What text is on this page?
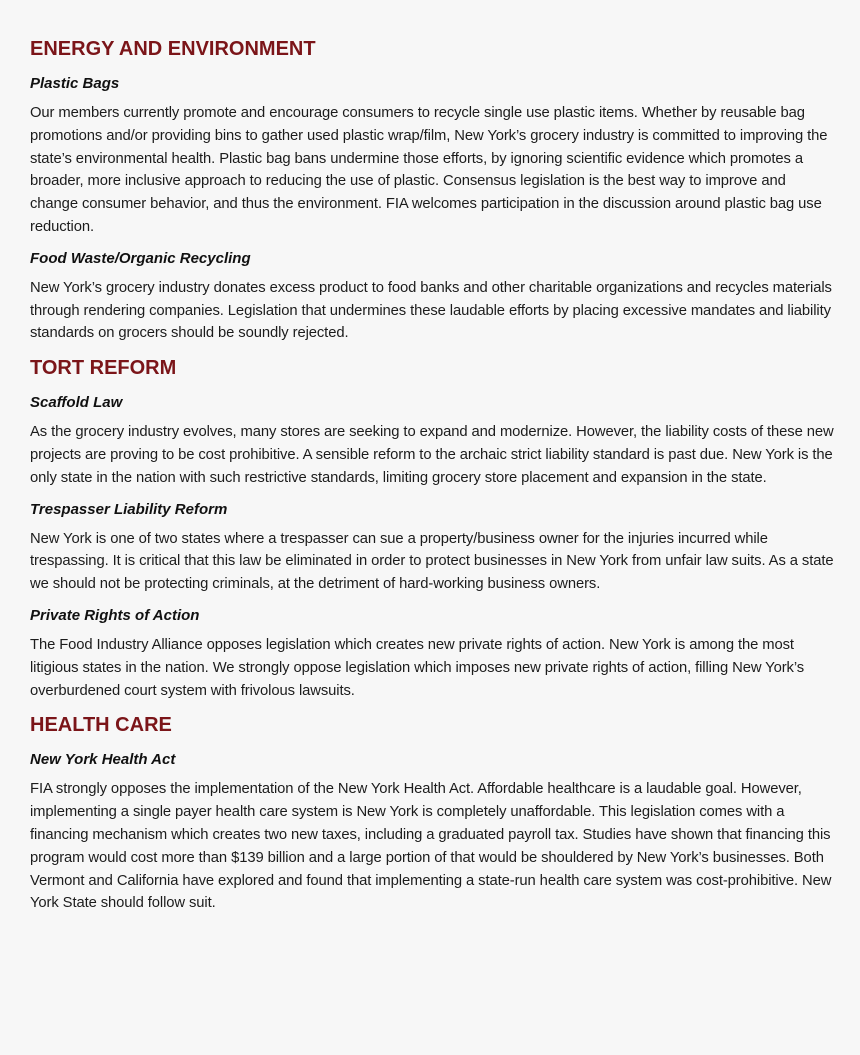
ENERGY AND ENVIRONMENT
Plastic Bags

Our members currently promote and encourage consumers to recycle single use plastic items. Whether by reusable bag promotions and/or providing bins to gather used plastic wrap/film, New York’s grocery industry is committed to improving the state’s environmental health. Plastic bag bans undermine those efforts, by ignoring scientific evidence which promotes a broader, more inclusive approach to reducing the use of plastic. Consensus legislation is the best way to improve and change consumer behavior, and thus the environment. FIA welcomes participation in the discussion around plastic bag use reduction.

Food Waste/Organic Recycling

New York’s grocery industry donates excess product to food banks and other charitable organizations and recycles materials through rendering companies. Legislation that undermines these laudable efforts by placing excessive mandates and liability standards on grocers should be soundly rejected.

TORT REFORM
Scaffold Law

As the grocery industry evolves, many stores are seeking to expand and modernize. However, the liability costs of these new projects are proving to be cost prohibitive. A sensible reform to the archaic strict liability standard is past due. New York is the only state in the nation with such restrictive standards, limiting grocery store placement and expansion in the state.

Trespasser Liability Reform

New York is one of two states where a trespasser can sue a property/business owner for the injuries incurred while trespassing. It is critical that this law be eliminated in order to protect businesses in New York from unfair law suits. As a state we should not be protecting criminals, at the detriment of hard-working business owners.

Private Rights of Action

The Food Industry Alliance opposes legislation which creates new private rights of action. New York is among the most litigious states in the nation. We strongly oppose legislation which imposes new private rights of action, filling New York’s overburdened court system with frivolous lawsuits.

HEALTH CARE
New York Health Act

FIA strongly opposes the implementation of the New York Health Act. Affordable healthcare is a laudable goal. However, implementing a single payer health care system is New York is completely unaffordable. This legislation comes with a financing mechanism which creates two new taxes, including a graduated payroll tax. Studies have shown that financing this program would cost more than $139 billion and a large portion of that would be shouldered by New York’s businesses. Both Vermont and California have explored and found that implementing a state-run health care system was cost-prohibitive. New York State should follow suit.
